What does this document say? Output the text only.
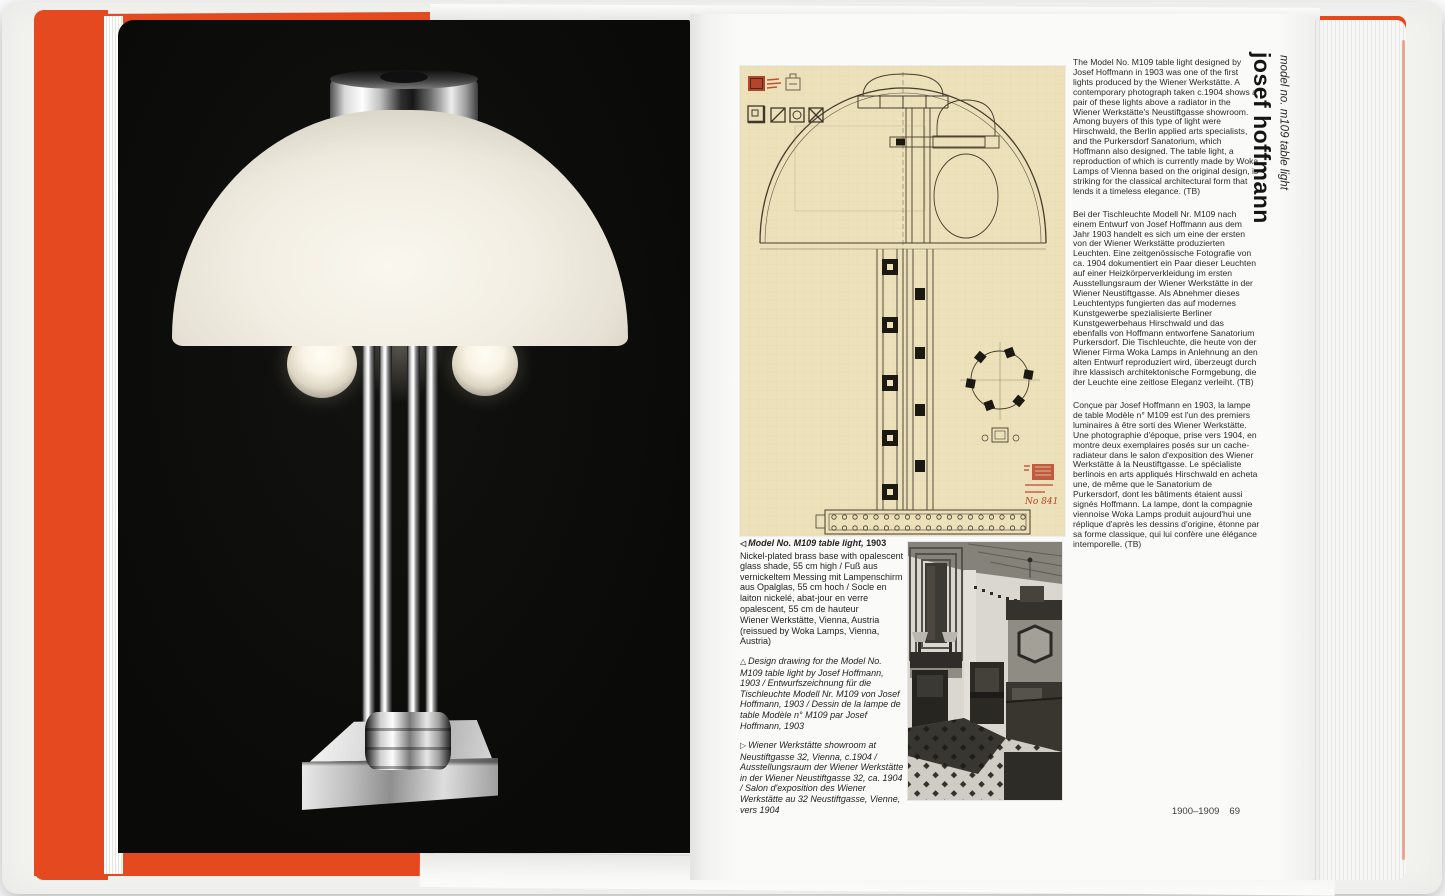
No 841
◁ Model No. M109 table light, 1903
Nickel-plated brass base with opalescent glass shade, 55 cm high / Fuß aus vernickeltem Messing mit Lampenschirm aus Opalglas, 55 cm hoch / Socle en laiton nickelé, abat-jour en verre opalescent, 55 cm de hauteur
Wiener Werkstätte, Vienna, Austria (reissued by Woka Lamps, Vienna, Austria)
△ Design drawing for the Model No. M109 table light by Josef Hoffmann, 1903 / Entwurfszeichnung für die Tischleuchte Modell Nr. M109 von Josef Hoffmann, 1903 / Dessin de la lampe de table Modèle n° M109 par Josef Hoffmann, 1903
▷ Wiener Werkstätte showroom at Neustiftgasse 32, Vienna, c.1904 / Ausstellungsraum der Wiener Werkstätte in der Wiener Neustiftgasse 32, ca. 1904 / Salon d'exposition des Wiener Werkstätte au 32 Neustiftgasse, Vienne, vers 1904

The Model No. M109 table light designed by Josef Hoffmann in 1903 was one of the first lights produced by the Wiener Werkstätte. A contemporary photograph taken c.1904 shows a pair of these lights above a radiator in the Wiener Werkstätte's Neustiftgasse showroom. Among buyers of this type of light were Hirschwald, the Berlin applied arts specialists, and the Purkersdorf Sanatorium, which Hoffmann also designed. The table light, a reproduction of which is currently made by Woka Lamps of Vienna based on the original design, is striking for the classical architectural form that lends it a timeless elegance. (TB)

Bei der Tischleuchte Modell Nr. M109 nach einem Entwurf von Josef Hoffmann aus dem Jahr 1903 handelt es sich um eine der ersten von der Wiener Werkstätte produzierten Leuchten. Eine zeitgenössische Fotografie von ca. 1904 dokumentiert ein Paar dieser Leuchten auf einer Heizkörperverkleidung im ersten Ausstellungsraum der Wiener Werkstätte in der Wiener Neustiftgasse. Als Abnehmer dieses Leuchtentyps fungierten das auf modernes Kunstgewerbe spezialisierte Berliner Kunstgewerbehaus Hirschwald und das ebenfalls von Hoffmann entworfene Sanatorium Purkersdorf. Die Tischleuchte, die heute von der Wiener Firma Woka Lamps in Anlehnung an den alten Entwurf reproduziert wird, überzeugt durch ihre klassisch architektonische Formgebung, die der Leuchte eine zeitlose Eleganz verleiht. (TB)

Conçue par Josef Hoffmann en 1903, la lampe de table Modèle n° M109 est l'un des premiers luminaires à être sorti des Wiener Werkstätte. Une photographie d'époque, prise vers 1904, en montre deux exemplaires posés sur un cache-radiateur dans le salon d'exposition des Wiener Werkstätte à la Neustiftgasse. Le spécialiste berlinois en arts appliqués Hirschwald en acheta une, de même que le Sanatorium de Purkersdorf, dont les bâtiments étaient aussi signés Hoffmann. La lampe, dont la compagnie viennoise Woka Lamps produit aujourd'hui une réplique d'après les dessins d'origine, étonne par sa forme classique, qui lui confère une élégance intemporelle. (TB)

josef hoffmann model no. m109 table light
1900–1909 69
